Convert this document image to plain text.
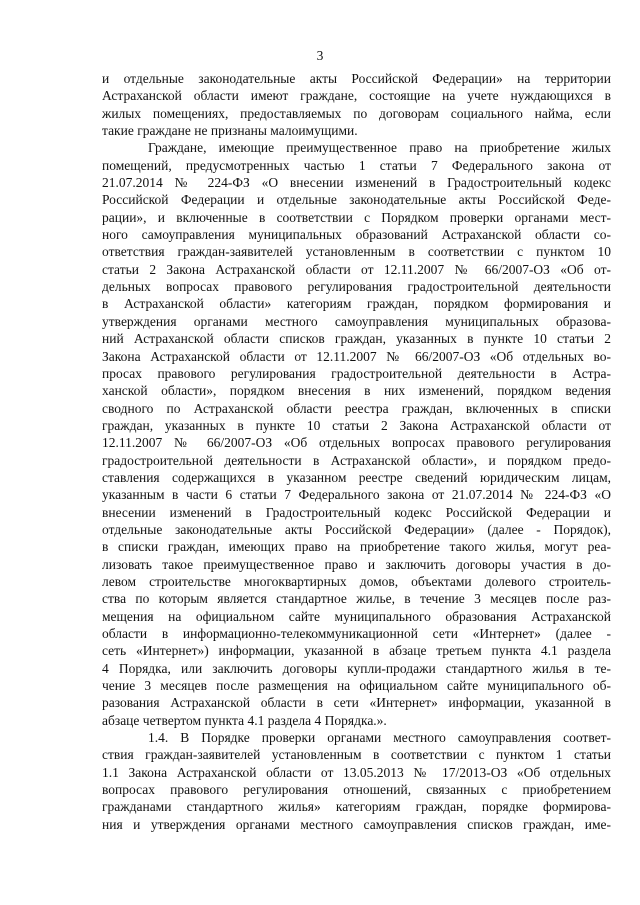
3
и отдельные законодательные акты Российской Федерации» на территории
Астраханской области имеют граждане, состоящие на учете нуждающихся в
жилых помещениях, предоставляемых по договорам социального найма, если
такие граждане не признаны малоимущими.
Граждане, имеющие преимущественное право на приобретение жилых
помещений, предусмотренных частью 1 статьи 7 Федерального закона от
21.07.2014 № 224-ФЗ «О внесении изменений в Градостроительный кодекс
Российской Федерации и отдельные законодательные акты Российской Феде-
рации», и включенные в соответствии с Порядком проверки органами мест-
ного самоуправления муниципальных образований Астраханской области со-
ответствия граждан-заявителей установленным в соответствии с пунктом 10
статьи 2 Закона Астраханской области от 12.11.2007 № 66/2007-ОЗ «Об от-
дельных вопросах правового регулирования градостроительной деятельности
в Астраханской области» категориям граждан, порядком формирования и
утверждения органами местного самоуправления муниципальных образова-
ний Астраханской области списков граждан, указанных в пункте 10 статьи 2
Закона Астраханской области от 12.11.2007 № 66/2007-ОЗ «Об отдельных во-
просах правового регулирования градостроительной деятельности в Астра-
ханской области», порядком внесения в них изменений, порядком ведения
сводного по Астраханской области реестра граждан, включенных в списки
граждан, указанных в пункте 10 статьи 2 Закона Астраханской области от
12.11.2007 № 66/2007-ОЗ «Об отдельных вопросах правового регулирования
градостроительной деятельности в Астраханской области», и порядком предо-
ставления содержащихся в указанном реестре сведений юридическим лицам,
указанным в части 6 статьи 7 Федерального закона от 21.07.2014 № 224-ФЗ «О
внесении изменений в Градостроительный кодекс Российской Федерации и
отдельные законодательные акты Российской Федерации» (далее - Порядок),
в списки граждан, имеющих право на приобретение такого жилья, могут реа-
лизовать такое преимущественное право и заключить договоры участия в до-
левом строительстве многоквартирных домов, объектами долевого строитель-
ства по которым является стандартное жилье, в течение 3 месяцев после раз-
мещения на официальном сайте муниципального образования Астраханской
области в информационно-телекоммуникационной сети «Интернет» (далее -
сеть «Интернет») информации, указанной в абзаце третьем пункта 4.1 раздела
4 Порядка, или заключить договоры купли-продажи стандартного жилья в те-
чение 3 месяцев после размещения на официальном сайте муниципального об-
разования Астраханской области в сети «Интернет» информации, указанной в
абзаце четвертом пункта 4.1 раздела 4 Порядка.».
1.4. В Порядке проверки органами местного самоуправления соответ-
ствия граждан-заявителей установленным в соответствии с пунктом 1 статьи
1.1 Закона Астраханской области от 13.05.2013 № 17/2013-ОЗ «Об отдельных
вопросах правового регулирования отношений, связанных с приобретением
гражданами стандартного жилья» категориям граждан, порядке формирова-
ния и утверждения органами местного самоуправления списков граждан, име-
